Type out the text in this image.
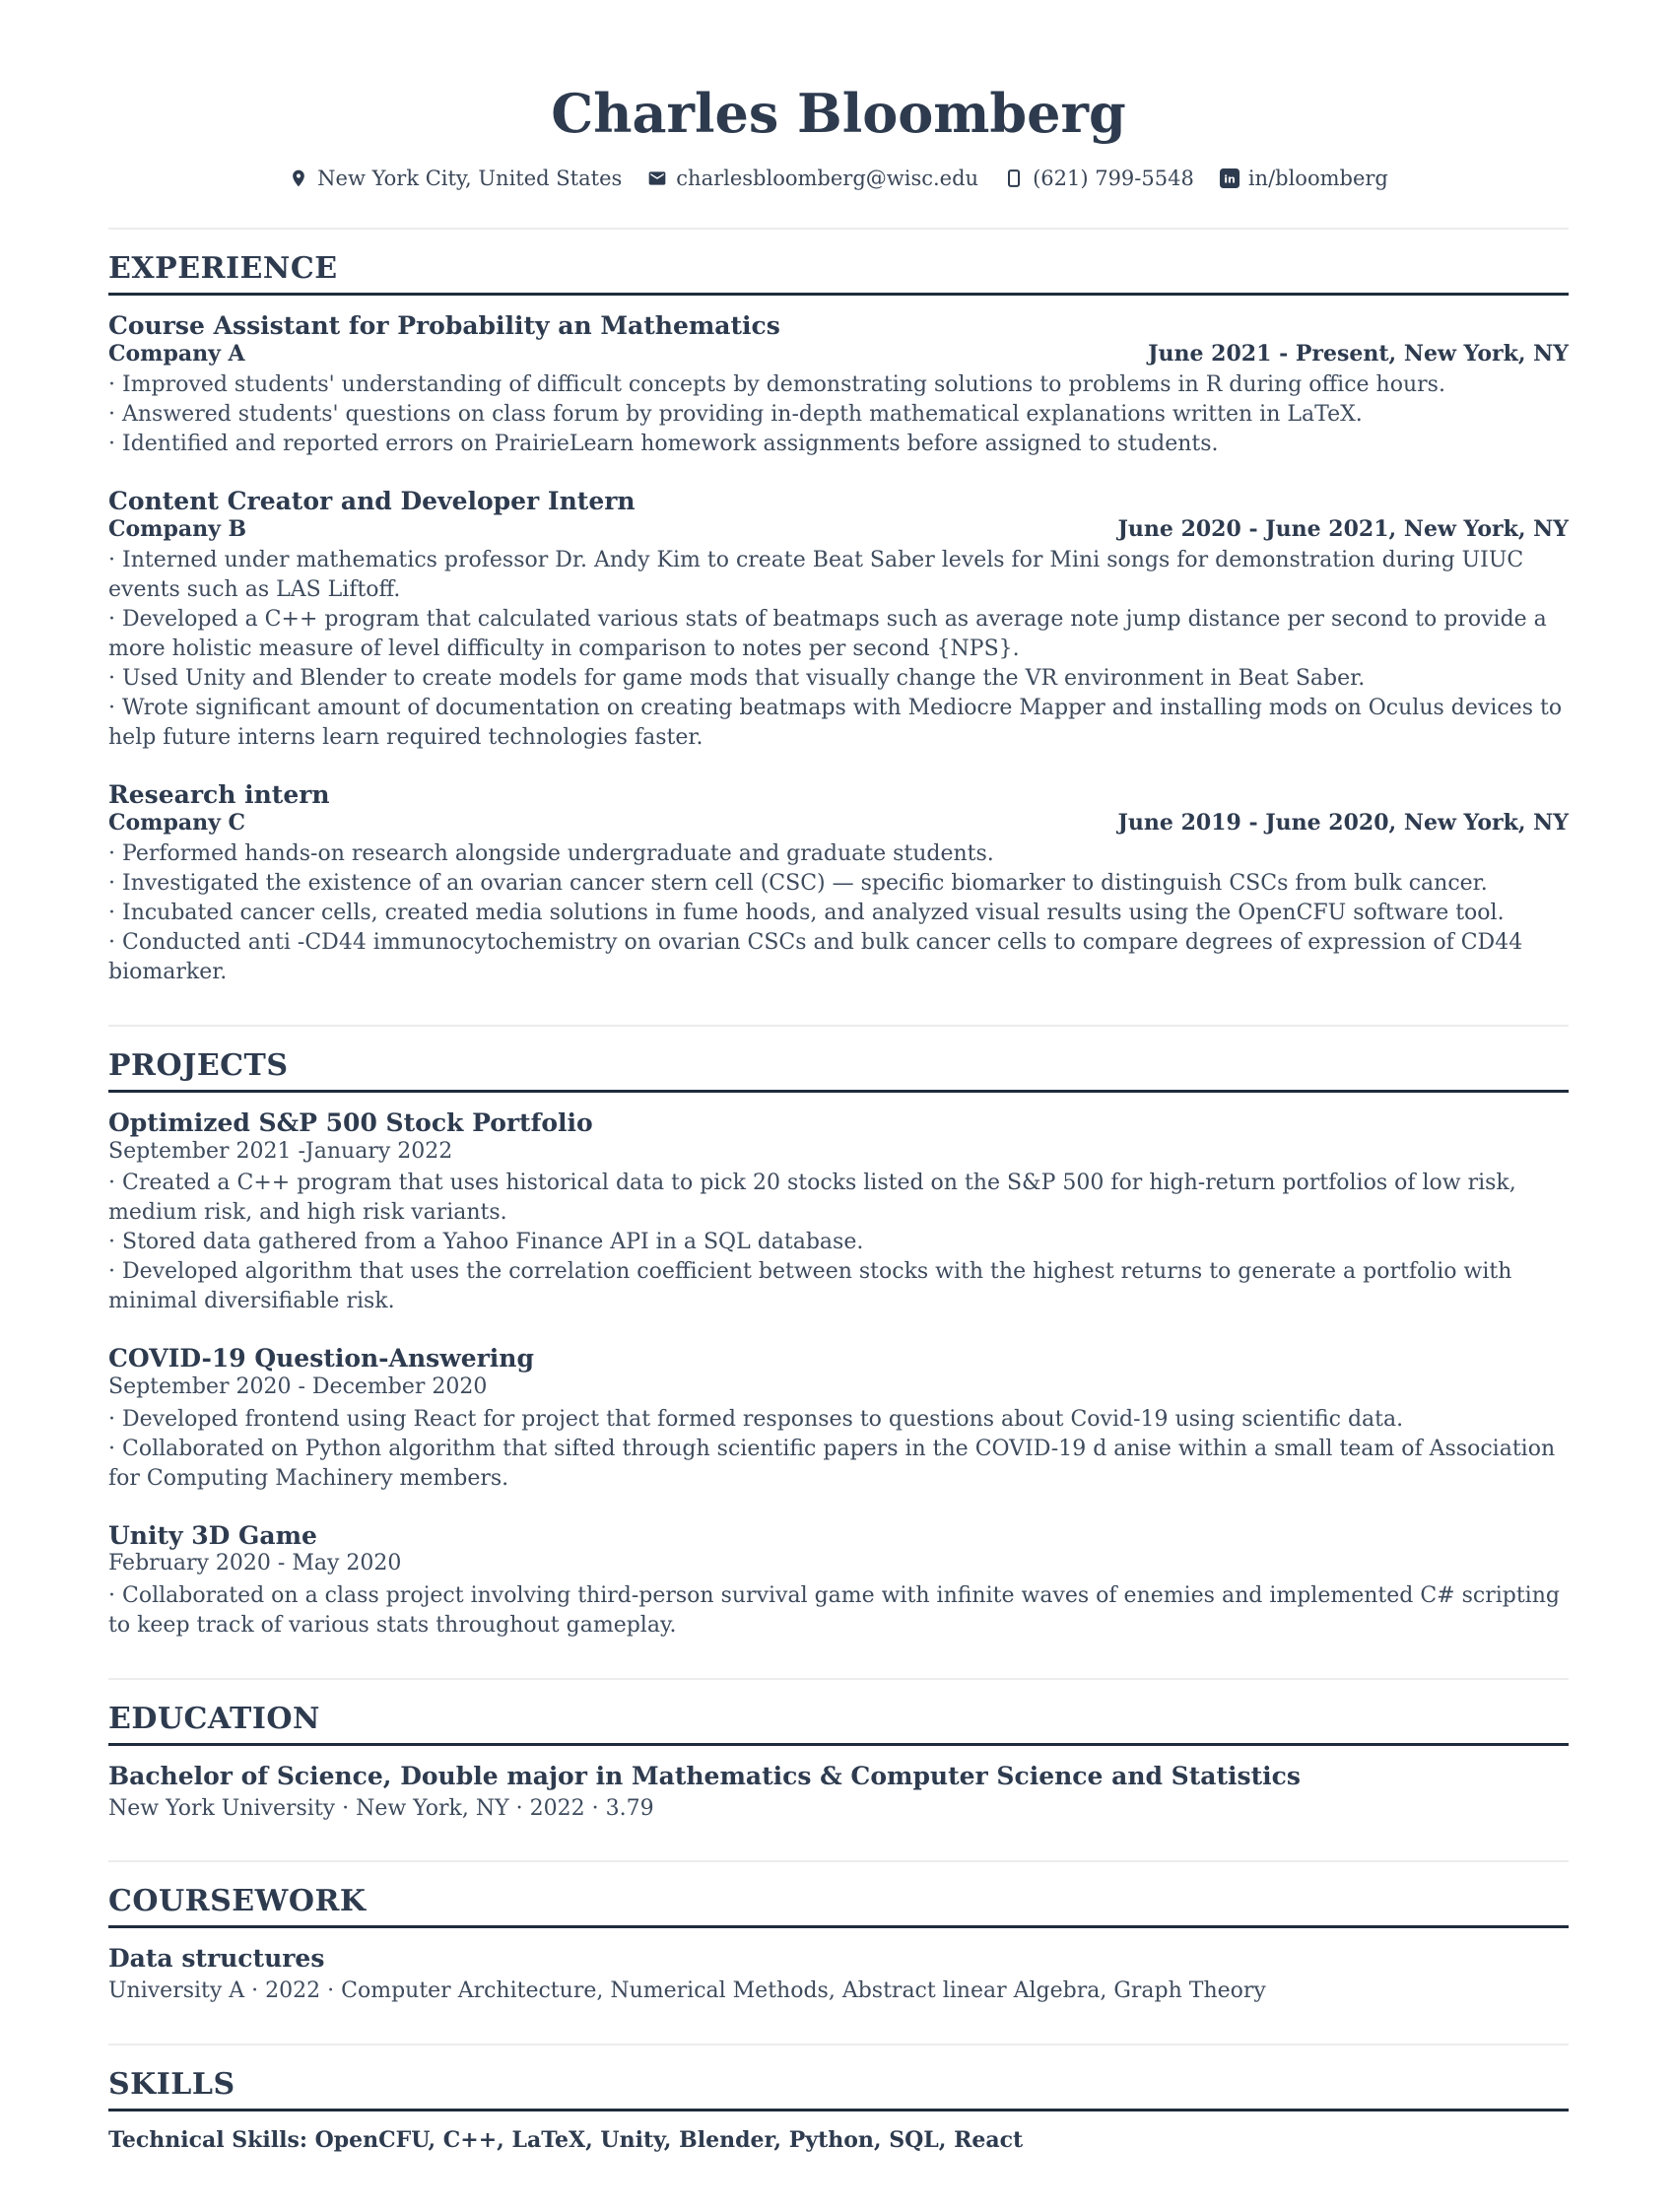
Charles Bloomberg
New York City, United States	charlesbloomberg@wisc.edu	(621) 799-5548	in in/bloomberg
EXPERIENCE
Course Assistant for Probability an Mathematics
Company A	June 2021 - Present, New York, NY
· Improved students' understanding of difficult concepts by demonstrating solutions to problems in R during office hours.
· Answered students' questions on class forum by providing in-depth mathematical explanations written in LaTeX.
· Identified and reported errors on PrairieLearn homework assignments before assigned to students.
Content Creator and Developer Intern
Company B	June 2020 - June 2021, New York, NY
· Interned under mathematics professor Dr. Andy Kim to create Beat Saber levels for Mini songs for demonstration during UIUC events such as LAS Liftoff.
· Developed a C++ program that calculated various stats of beatmaps such as average note jump distance per second to provide a more holistic measure of level difficulty in comparison to notes per second {NPS}.
· Used Unity and Blender to create models for game mods that visually change the VR environment in Beat Saber.
· Wrote significant amount of documentation on creating beatmaps with Mediocre Mapper and installing mods on Oculus devices to help future interns learn required technologies faster.
Research intern
Company C	June 2019 - June 2020, New York, NY
· Performed hands-on research alongside undergraduate and graduate students.
· Investigated the existence of an ovarian cancer stern cell (CSC) — specific biomarker to distinguish CSCs from bulk cancer.
· Incubated cancer cells, created media solutions in fume hoods, and analyzed visual results using the OpenCFU software tool.
· Conducted anti -CD44 immunocytochemistry on ovarian CSCs and bulk cancer cells to compare degrees of expression of CD44 biomarker.
PROJECTS
Optimized S&P 500 Stock Portfolio
September 2021 -January 2022
· Created a C++ program that uses historical data to pick 20 stocks listed on the S&P 500 for high-return portfolios of low risk, medium risk, and high risk variants.
· Stored data gathered from a Yahoo Finance API in a SQL database.
· Developed algorithm that uses the correlation coefficient between stocks with the highest returns to generate a portfolio with minimal diversifiable risk.
COVID-19 Question-Answering
September 2020 - December 2020
· Developed frontend using React for project that formed responses to questions about Covid-19 using scientific data.
· Collaborated on Python algorithm that sifted through scientific papers in the COVID-19 d anise within a small team of Association for Computing Machinery members.
Unity 3D Game
February 2020 - May 2020
· Collaborated on a class project involving third-person survival game with infinite waves of enemies and implemented C# scripting to keep track of various stats throughout gameplay.
EDUCATION
Bachelor of Science, Double major in Mathematics & Computer Science and Statistics
New York University · New York, NY · 2022 · 3.79
COURSEWORK
Data structures
University A · 2022 · Computer Architecture, Numerical Methods, Abstract linear Algebra, Graph Theory
SKILLS
Technical Skills: OpenCFU, C++, LaTeX, Unity, Blender, Python, SQL, React
